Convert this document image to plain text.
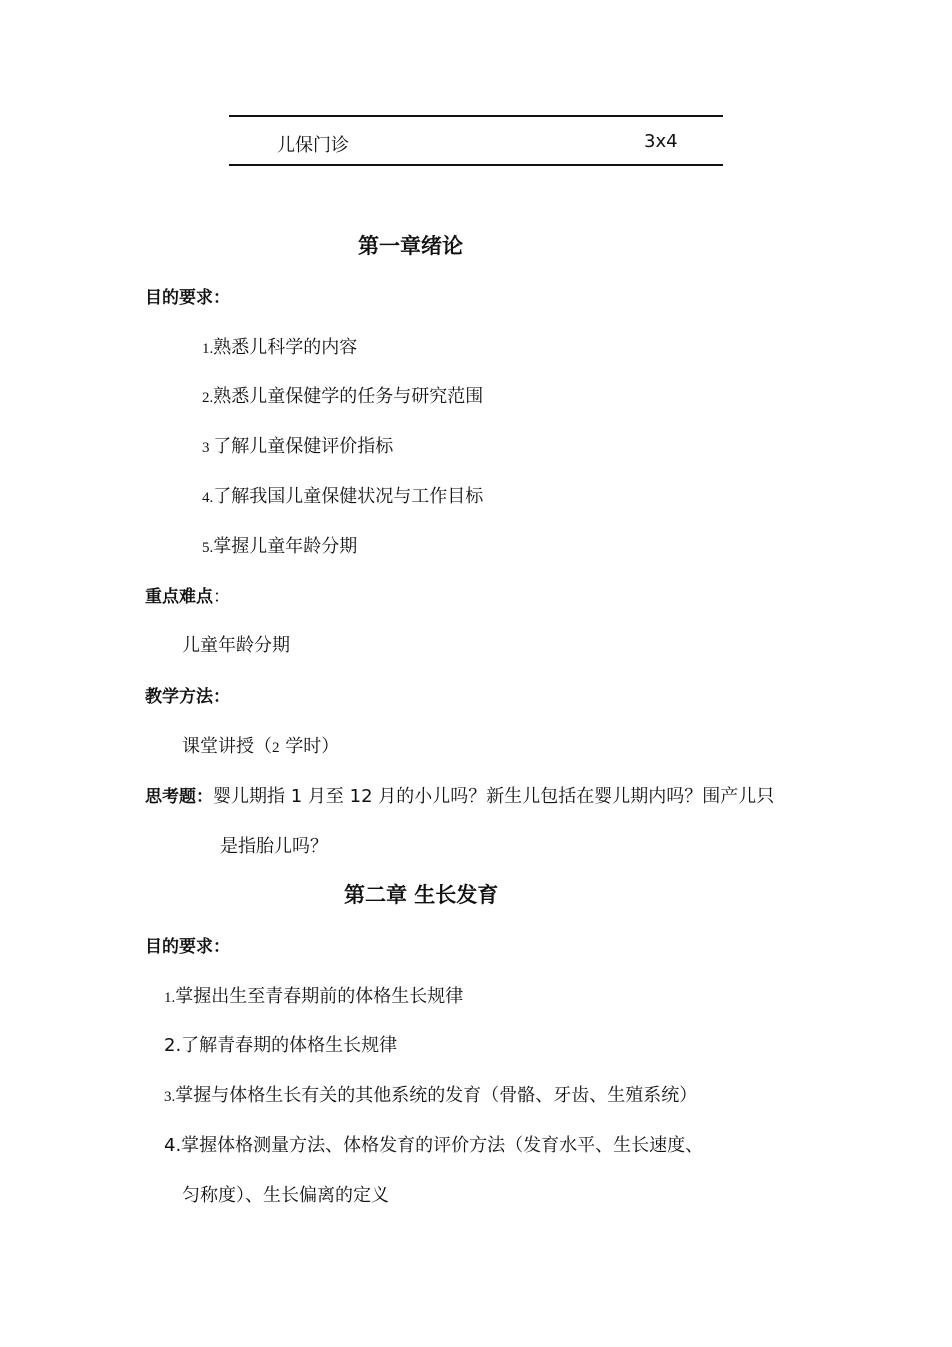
儿保门诊	3x4
第一章绪论
目的要求：
1.熟悉儿科学的内容
2.熟悉儿童保健学的任务与研究范围
3 了解儿童保健评价指标
4.了解我国儿童保健状况与工作目标
5.掌握儿童年龄分期
重点难点：
儿童年龄分期
教学方法：
课堂讲授（2 学时）
思考题：婴儿期指 1 月至 12 月的小儿吗？新生儿包括在婴儿期内吗？围产儿只
是指胎儿吗？
第二章 生长发育
目的要求：
1.掌握出生至青春期前的体格生长规律
2.了解青春期的体格生长规律
3.掌握与体格生长有关的其他系统的发育（骨骼、牙齿、生殖系统）
4.掌握体格测量方法、体格发育的评价方法（发育水平、生长速度、
匀称度）、生长偏离的定义
